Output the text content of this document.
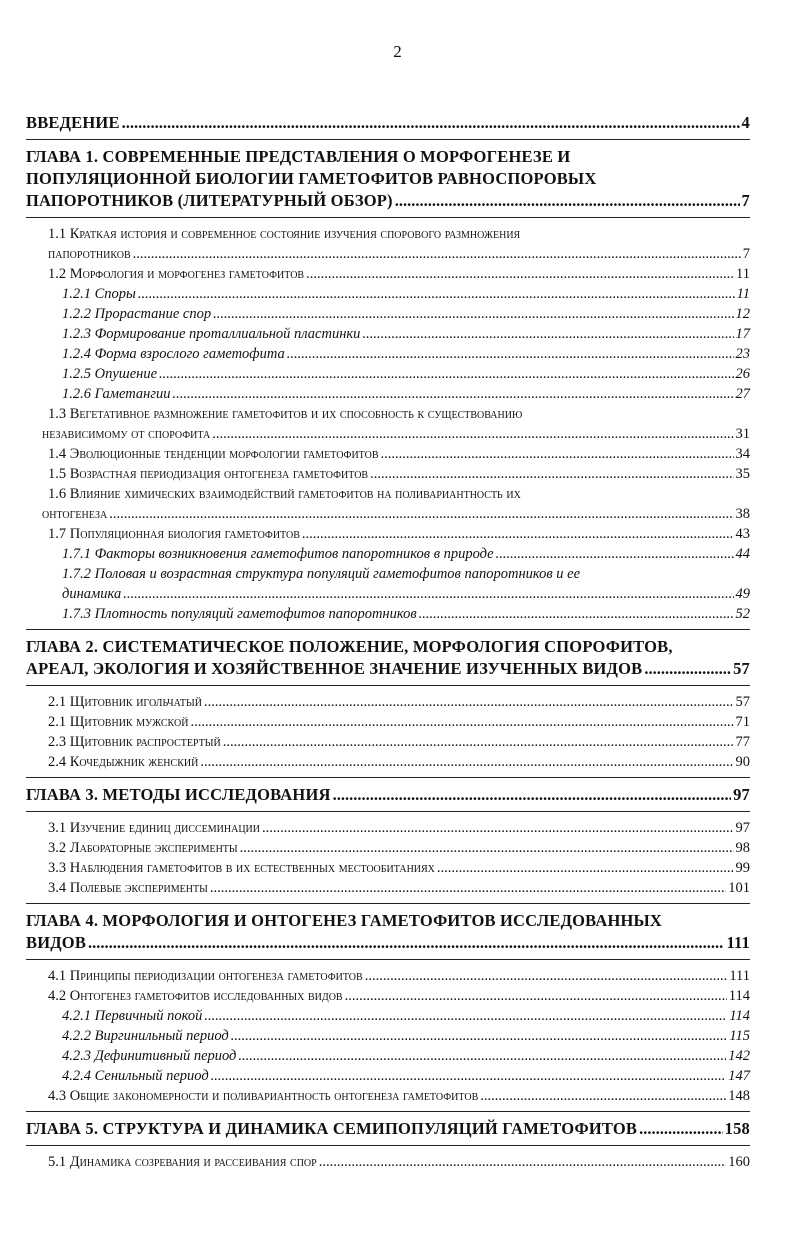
2
ВВЕДЕНИЕ .....	4
ГЛАВА 1. СОВРЕМЕННЫЕ ПРЕДСТАВЛЕНИЯ О МОРФОГЕНЕЗЕ И
ПОПУЛЯЦИОННОЙ БИОЛОГИИ ГАМЕТОФИТОВ РАВНОСПОРОВЫХ
ПАПОРОТНИКОВ (ЛИТЕРАТУРНЫЙ ОБЗОР) .....	7
1.1 Краткая история и современное состояние изучения спорового размножения
папоротников .....	7
1.2 Морфология и морфогенез гаметофитов .....	11
1.2.1 Споры .....	11
1.2.2 Прорастание спор .....	12
1.2.3 Формирование проталлиальной пластинки .....	17
1.2.4 Форма взрослого гаметофита .....	23
1.2.5 Опушение .....	26
1.2.6 Гаметангии .....	27
1.3 Вегетативное размножение гаметофитов и их способность к существованию
независимому от спорофита .....	31
1.4 Эволюционные тенденции морфологии гаметофитов .....	34
1.5 Возрастная периодизация онтогенеза гаметофитов .....	35
1.6 Влияние химических взаимодействий гаметофитов на поливариантность их
онтогенеза .....	38
1.7 Популяционная биология гаметофитов .....	43
1.7.1 Факторы возникновения гаметофитов папоротников в природе .....	44
1.7.2 Половая и возрастная структура популяций гаметофитов папоротников и ее
динамика .....	49
1.7.3 Плотность популяций гаметофитов папоротников .....	52
ГЛАВА 2. СИСТЕМАТИЧЕСКОЕ ПОЛОЖЕНИЕ, МОРФОЛОГИЯ СПОРОФИТОВ,
АРЕАЛ, ЭКОЛОГИЯ И ХОЗЯЙСТВЕННОЕ ЗНАЧЕНИЕ ИЗУЧЕННЫХ ВИДОВ .....	57
2.1 Щитовник игольчатый .....	57
2.1 Щитовник мужской .....	71
2.3 Щитовник распростертый .....	77
2.4 Кочедыжник женский .....	90
ГЛАВА 3. МЕТОДЫ ИССЛЕДОВАНИЯ .....	97
3.1 Изучение единиц диссеминации .....	97
3.2 Лабораторные эксперименты .....	98
3.3 Наблюдения гаметофитов в их естественных местообитаниях .....	99
3.4 Полевые эксперименты .....	101
ГЛАВА 4. МОРФОЛОГИЯ И ОНТОГЕНЕЗ ГАМЕТОФИТОВ ИССЛЕДОВАННЫХ
ВИДОВ .....	111
4.1 Принципы периодизации онтогенеза гаметофитов .....	111
4.2 Онтогенез гаметофитов исследованных видов .....	114
4.2.1 Первичный покой .....	114
4.2.2 Виргинильный период .....	115
4.2.3 Дефинитивный период .....	142
4.2.4 Сенильный период .....	147
4.3 Общие закономерности и поливариантность онтогенеза гаметофитов .....	148
ГЛАВА 5. СТРУКТУРА И ДИНАМИКА СЕМИПОПУЛЯЦИЙ ГАМЕТОФИТОВ .....	158
5.1 Динамика созревания и рассеивания спор .....	160
